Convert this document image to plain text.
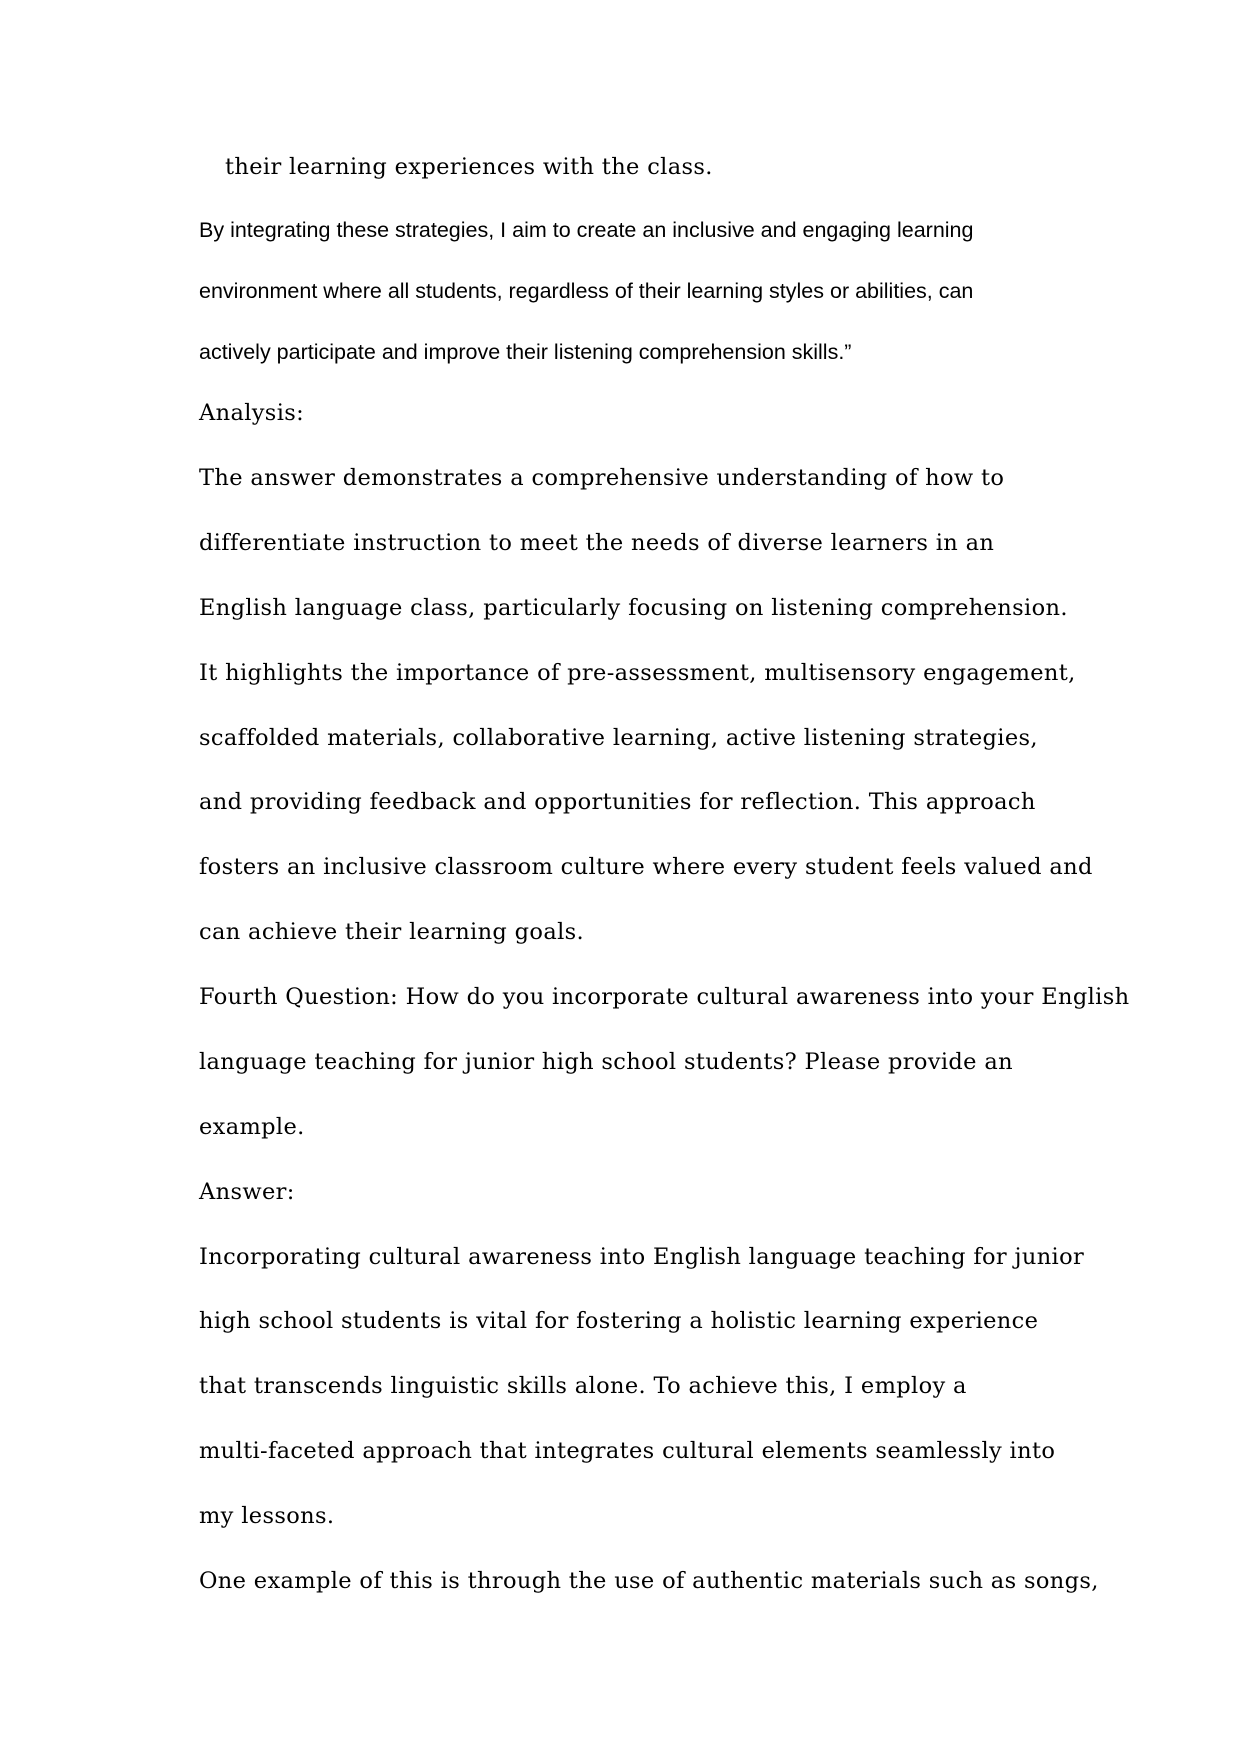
their learning experiences with the class.
By integrating these strategies, I aim to create an inclusive and engaging learning
environment where all students, regardless of their learning styles or abilities, can
actively participate and improve their listening comprehension skills.”
Analysis:
The answer demonstrates a comprehensive understanding of how to
differentiate instruction to meet the needs of diverse learners in an
English language class, particularly focusing on listening comprehension.
It highlights the importance of pre-assessment, multisensory engagement,
scaffolded materials, collaborative learning, active listening strategies,
and providing feedback and opportunities for reflection. This approach
fosters an inclusive classroom culture where every student feels valued and
can achieve their learning goals.
Fourth Question: How do you incorporate cultural awareness into your English
language teaching for junior high school students? Please provide an
example.
Answer:
Incorporating cultural awareness into English language teaching for junior
high school students is vital for fostering a holistic learning experience
that transcends linguistic skills alone. To achieve this, I employ a
multi-faceted approach that integrates cultural elements seamlessly into
my lessons.
One example of this is through the use of authentic materials such as songs,
